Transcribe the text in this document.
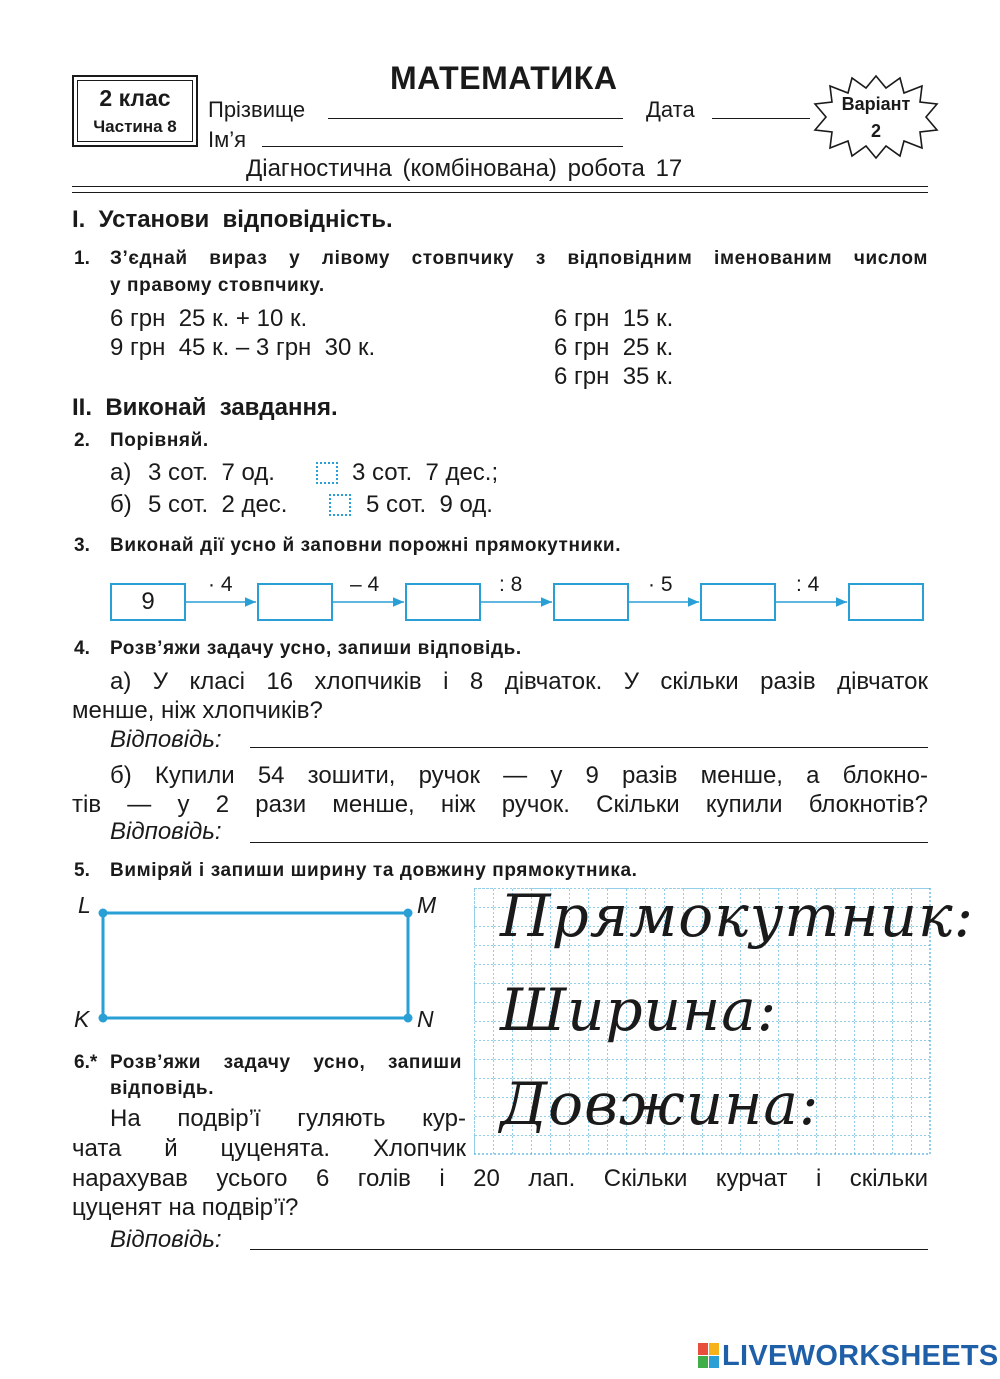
2 клас
Частина 8
МАТЕМАТИКА
Прізвище	Дата
Ім’я
Варіант
2
Діагностична (комбінована) робота 17
I.  Установи  відповідність.
1. З’єднай вираз у лівому стовпчику з відповідним іменованим числом
у правому стовпчику.
6 грн  25 к. + 10 к.
9 грн  45 к. – 3 грн  30 к.
6 грн  15 к.
6 грн  25 к.
6 грн  35 к.
II.  Виконай  завдання.
2. Порівняй.
а) 3 сот.  7 од.	3 сот.  7 дес.;
б) 5 сот.  2 дес.	5 сот.  9 од.
3. Виконай дії усно й заповни порожні прямокутники.
9
· 4	– 4	: 8	· 5	: 4
4. Розв’яжи задачу усно, запиши відповідь.
а) У класі 16 хлопчиків і 8 дівчаток. У скільки разів дівчаток
менше, ніж хлопчиків?
Відповідь:
б) Купили 54 зошити, ручок — у 9 разів менше, а блокно-
тів — у 2 рази менше, ніж ручок. Скільки купили блокнотів?
Відповідь:
5. Виміряй і запиши ширину та довжину прямокутника.
L	M
K	N
Прямокутник:
Ширина:
Довжина:
6.* Розв’яжи задачу усно, запиши
відповідь.
На подвір’ї гуляють кур-
чата й цуценята. Хлопчик
нарахував усього 6 голів і 20 лап. Скільки курчат і скільки
цуценят на подвір’ї?
Відповідь:
LIVEWORKSHEETS
